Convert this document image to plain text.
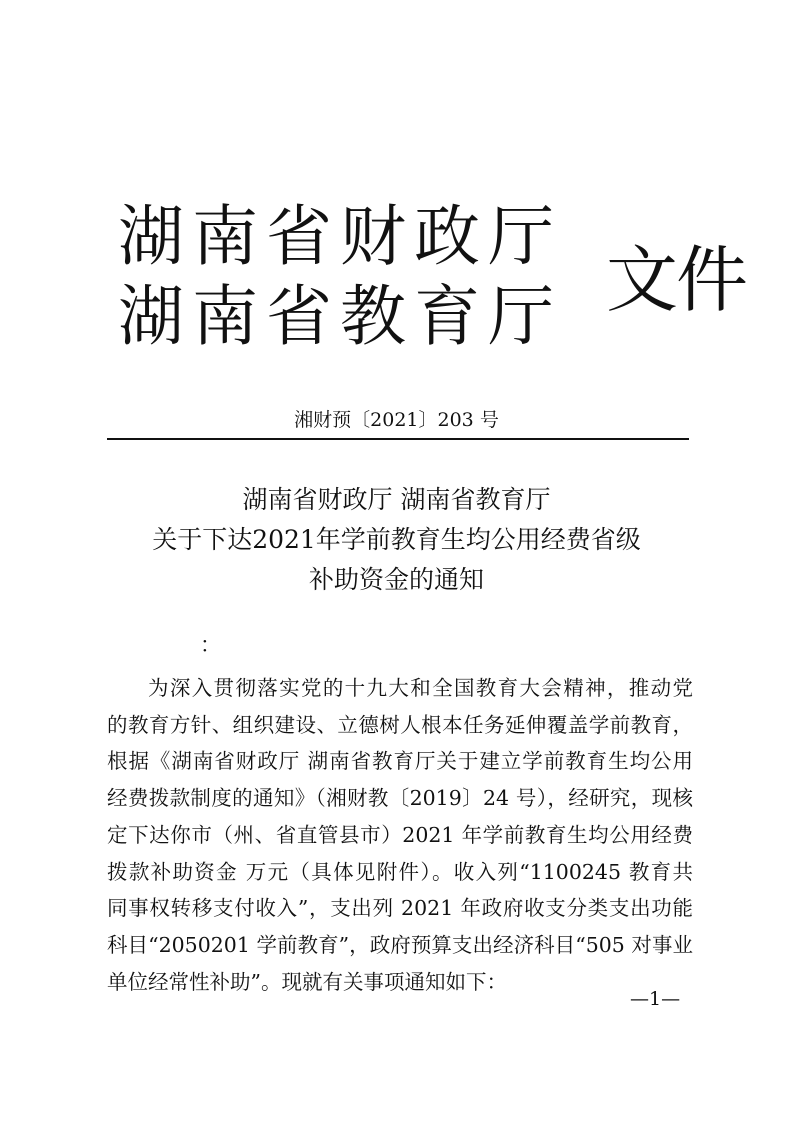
湖南省财政厅
湖南省教育厅 文件
湘财预〔2021〕203 号
湖南省财政厅 湖南省教育厅
关于下达2021年学前教育生均公用经费省级
补助资金的通知
：
为深入贯彻落实党的十九大和全国教育大会精神，推动党
的教育方针、组织建设、立德树人根本任务延伸覆盖学前教育，
根据《湖南省财政厅 湖南省教育厅关于建立学前教育生均公用
经费拨款制度的通知》（湘财教〔2019〕24 号），经研究，现核
定下达你市（州、省直管县市）2021 年学前教育生均公用经费
拨款补助资金 万元（具体见附件）。收入列“1100245 教育共
同事权转移支付收入”，支出列 2021 年政府收支分类支出功能
科目“2050201 学前教育”，政府预算支出经济科目“505 对事业
单位经常性补助”。现就有关事项通知如下：
—1—
